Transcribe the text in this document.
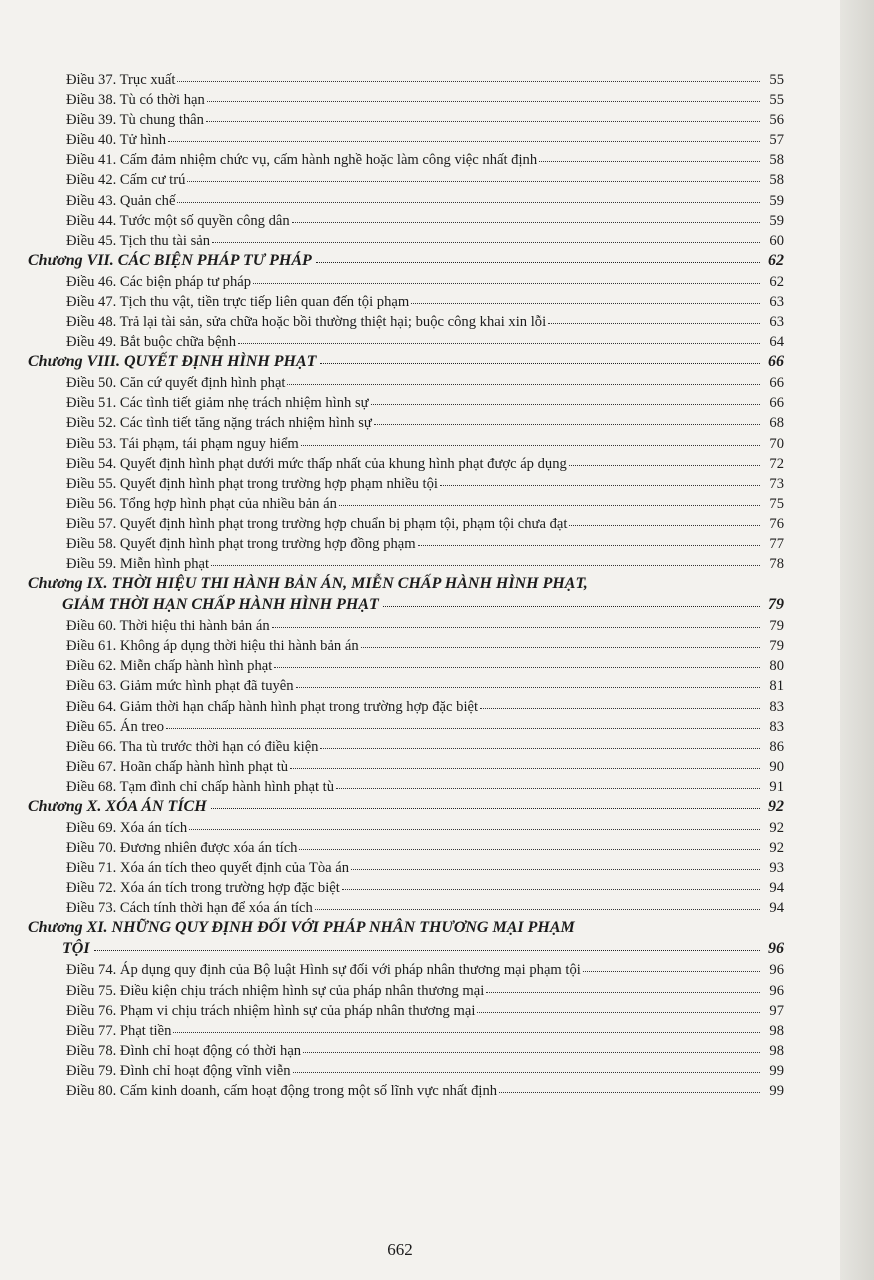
Điều 37. Trục xuất	55
Điều 38. Tù có thời hạn	55
Điều 39. Tù chung thân	56
Điều 40. Tử hình	57
Điều 41. Cấm đảm nhiệm chức vụ, cấm hành nghề hoặc làm công việc nhất định	58
Điều 42. Cấm cư trú	58
Điều 43. Quản chế	59
Điều 44. Tước một số quyền công dân	59
Điều 45. Tịch thu tài sản	60
Chương VII. CÁC BIỆN PHÁP TƯ PHÁP	62
Điều 46. Các biện pháp tư pháp	62
Điều 47. Tịch thu vật, tiền trực tiếp liên quan đến tội phạm	63
Điều 48. Trả lại tài sản, sửa chữa hoặc bồi thường thiệt hại; buộc công khai xin lỗi	63
Điều 49. Bắt buộc chữa bệnh	64
Chương VIII. QUYẾT ĐỊNH HÌNH PHẠT	66
Điều 50. Căn cứ quyết định hình phạt	66
Điều 51. Các tình tiết giảm nhẹ trách nhiệm hình sự	66
Điều 52. Các tình tiết tăng nặng trách nhiệm hình sự	68
Điều 53. Tái phạm, tái phạm nguy hiểm	70
Điều 54. Quyết định hình phạt dưới mức thấp nhất của khung hình phạt được áp dụng	72
Điều 55. Quyết định hình phạt trong trường hợp phạm nhiều tội	73
Điều 56. Tổng hợp hình phạt của nhiều bản án	75
Điều 57. Quyết định hình phạt trong trường hợp chuẩn bị phạm tội, phạm tội chưa đạt	76
Điều 58. Quyết định hình phạt trong trường hợp đồng phạm	77
Điều 59. Miễn hình phạt	78
Chương IX. THỜI HIỆU THI HÀNH BẢN ÁN, MIỄN CHẤP HÀNH HÌNH PHẠT,
GIẢM THỜI HẠN CHẤP HÀNH HÌNH PHẠT	79
Điều 60. Thời hiệu thi hành bản án	79
Điều 61. Không áp dụng thời hiệu thi hành bản án	79
Điều 62. Miễn chấp hành hình phạt	80
Điều 63. Giảm mức hình phạt đã tuyên	81
Điều 64. Giảm thời hạn chấp hành hình phạt trong trường hợp đặc biệt	83
Điều 65. Án treo	83
Điều 66. Tha tù trước thời hạn có điều kiện	86
Điều 67. Hoãn chấp hành hình phạt tù	90
Điều 68. Tạm đình chỉ chấp hành hình phạt tù	91
Chương X. XÓA ÁN TÍCH	92
Điều 69. Xóa án tích	92
Điều 70. Đương nhiên được xóa án tích	92
Điều 71. Xóa án tích theo quyết định của Tòa án	93
Điều 72. Xóa án tích trong trường hợp đặc biệt	94
Điều 73. Cách tính thời hạn để xóa án tích	94
Chương XI. NHỮNG QUY ĐỊNH ĐỐI VỚI PHÁP NHÂN THƯƠNG MẠI PHẠM
TỘI	96
Điều 74. Áp dụng quy định của Bộ luật Hình sự đối với pháp nhân thương mại phạm tội	96
Điều 75. Điều kiện chịu trách nhiệm hình sự của pháp nhân thương mại	96
Điều 76. Phạm vi chịu trách nhiệm hình sự của pháp nhân thương mại	97
Điều 77. Phạt tiền	98
Điều 78. Đình chỉ hoạt động có thời hạn	98
Điều 79. Đình chỉ hoạt động vĩnh viễn	99
Điều 80. Cấm kinh doanh, cấm hoạt động trong một số lĩnh vực nhất định	99
662
